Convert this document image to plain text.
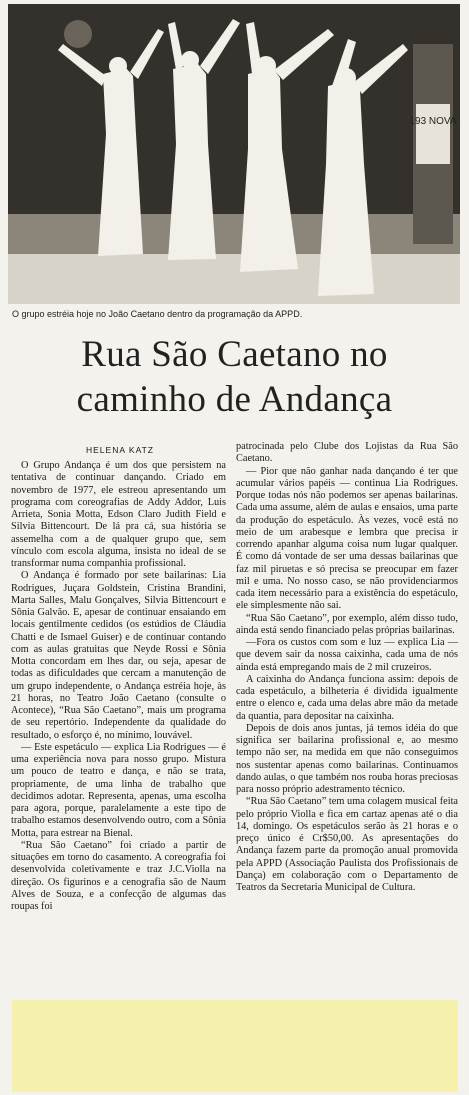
193 NOVA
O grupo estréia hoje no João Caetano dentro da programação da APPD.
Rua São Caetano no
caminho de Andança
HELENA KATZ

O Grupo Andança é um dos que persistem na tentativa de continuar dançando. Criado em novembro de 1977, ele estreou apresentando um programa com coreografias de Addy Addor, Luis Arrieta, Sonia Motta, Edson Claro Judith Field e Silvia Bittencourt. De lá pra cá, sua história se assemelha com a de qualquer grupo que, sem vínculo com escola alguma, insista no ideal de se transformar numa companhia profissional.

O Andança é formado por sete bailarinas: Lia Rodrigues, Juçara Goldstein, Cristina Brandini, Marta Salles, Malu Gonçalves, Silvia Bittencourt e Sônia Galvão. E, apesar de continuar ensaiando em locais gentilmente cedidos (os estúdios de Cláudia Chatti e de Ismael Guiser) e de continuar contando com as aulas gratuitas que Neyde Rossi e Sônia Motta concordam em lhes dar, ou seja, apesar de todas as dificuldades que cercam a manutenção de um grupo independente, o Andança estréia hoje, às 21 horas, no Teatro João Caetano (consulte o Acontece), “Rua São Caetano”, mais um programa de seu repertório. Independente da qualidade do resultado, o esforço é, no mínimo, louvável.

— Este espetáculo — explica Lia Rodrigues — é uma experiência nova para nosso grupo. Mistura um pouco de teatro e dança, e não se trata, propriamente, de uma linha de trabalho que decidimos adotar. Representa, apenas, uma escolha para agora, porque, paralelamente a este tipo de trabalho estamos desenvolvendo outro, com a Sônia Motta, para estrear na Bienal.

“Rua São Caetano” foi criado a partir de situações em torno do casamento. A coreografia foi desenvolvida coletivamente e traz J.C.Violla na direção. Os figurinos e a cenografia são de Naum Alves de Souza, e a confecção de algumas das roupas foi

patrocinada pelo Clube dos Lojistas da Rua São Caetano.

— Pior que não ganhar nada dançando é ter que acumular vários papéis — continua Lia Rodrigues. Porque todas nós não podemos ser apenas bailarinas. Cada uma assume, além de aulas e ensaios, uma parte da produção do espetáculo. Às vezes, você está no meio de um arabesque e lembra que precisa ir correndo apanhar alguma coisa num lugar qualquer. É como dá vontade de ser uma dessas bailarinas que faz mil piruetas e só precisa se preocupar em fazer mil e uma. No nosso caso, se não providenciarmos cada item necessário para a existência do espetáculo, ele simplesmente não sai.

“Rua São Caetano”, por exemplo, além disso tudo, ainda está sendo financiado pelas próprias bailarinas.

—Fora os custos com som e luz — explica Lia — que devem sair da nossa caixinha, cada uma de nós ainda está empregando mais de 2 mil cruzeiros.

A caixinha do Andança funciona assim: depois de cada espetáculo, a bilheteria é dividida igualmente entre o elenco e, cada uma delas abre mão da metade da quantia, para depositar na caixinha.

Depois de dois anos juntas, já temos idéia do que significa ser bailarina profissional e, ao mesmo tempo não ser, na medida em que não conseguimos nos sustentar apenas como bailarinas. Continuamos dando aulas, o que também nos rouba horas preciosas para nosso próprio adestramento técnico.

“Rua São Caetano” tem uma colagem musical feita pelo próprio Violla e fica em cartaz apenas até o dia 14, domingo. Os espetáculos serão às 21 horas e o preço único é Cr$50,00. As apresentações do Andança fazem parte da promoção anual promovida pela APPD (Associação Paulista dos Profissionais de Dança) em colaboração com o Departamento de Teatros da Secretaria Municipal de Cultura.
